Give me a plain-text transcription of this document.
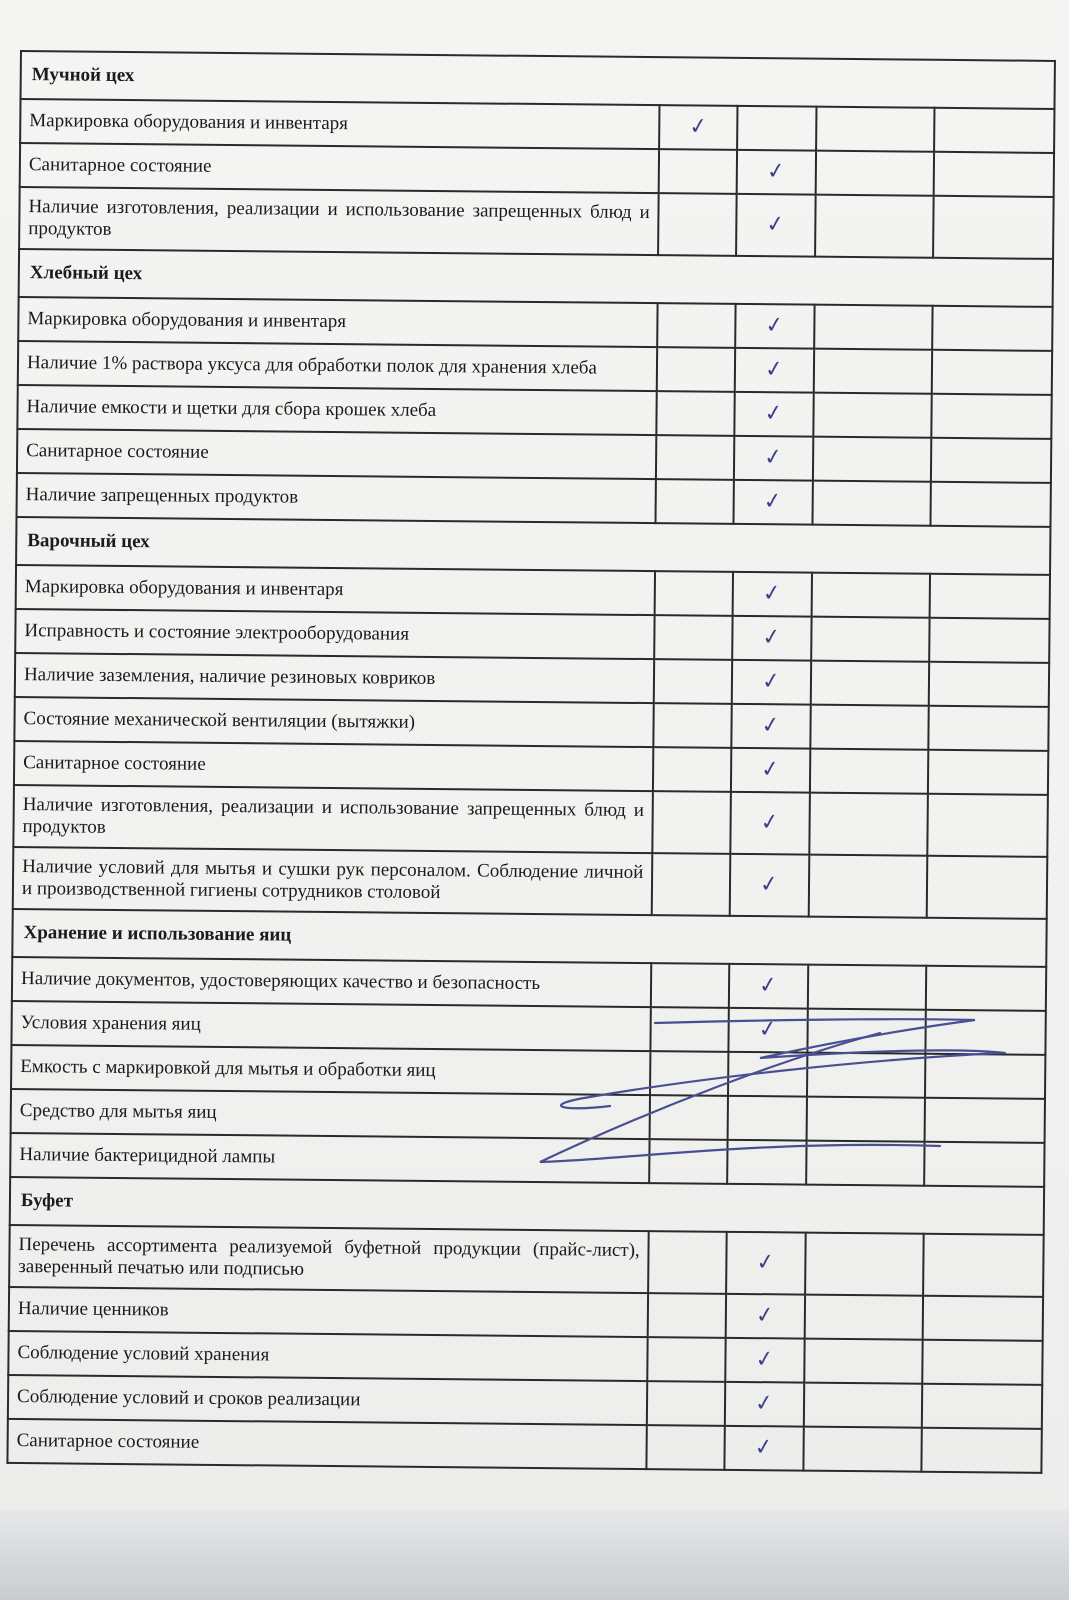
Мучной цех				
Маркировка оборудования и инвентаря	✓			
Санитарное состояние		✓		
Наличие изготовления, реализации и использование запрещенных блюд и продуктов		✓		
Хлебный цех				
Маркировка оборудования и инвентаря		✓		
Наличие 1% раствора уксуса для обработки полок для хранения хлеба		✓		
Наличие емкости и щетки для сбора крошек хлеба		✓		
Санитарное состояние		✓		
Наличие запрещенных продуктов		✓		
Варочный цех				
Маркировка оборудования и инвентаря		✓		
Исправность и состояние электрооборудования		✓		
Наличие заземления, наличие резиновых ковриков		✓		
Состояние механической вентиляции (вытяжки)		✓		
Санитарное состояние		✓		
Наличие изготовления, реализации и использование запрещенных блюд и продуктов		✓		
Наличие условий для мытья и сушки рук персоналом. Соблюдение личной и производственной гигиены сотрудников столовой		✓		
Хранение и использование яиц				
Наличие документов, удостоверяющих качество и безопасность		✓		
Условия хранения яиц		✓		
Емкость с маркировкой для мытья и обработки яиц				
Средство для мытья яиц				
Наличие бактерицидной лампы				
Буфет				
Перечень ассортимента реализуемой буфетной продукции (прайс-лист), заверенный печатью или подписью		✓		
Наличие ценников		✓		
Соблюдение условий хранения		✓		
Соблюдение условий и сроков реализации		✓		
Санитарное состояние		✓		
